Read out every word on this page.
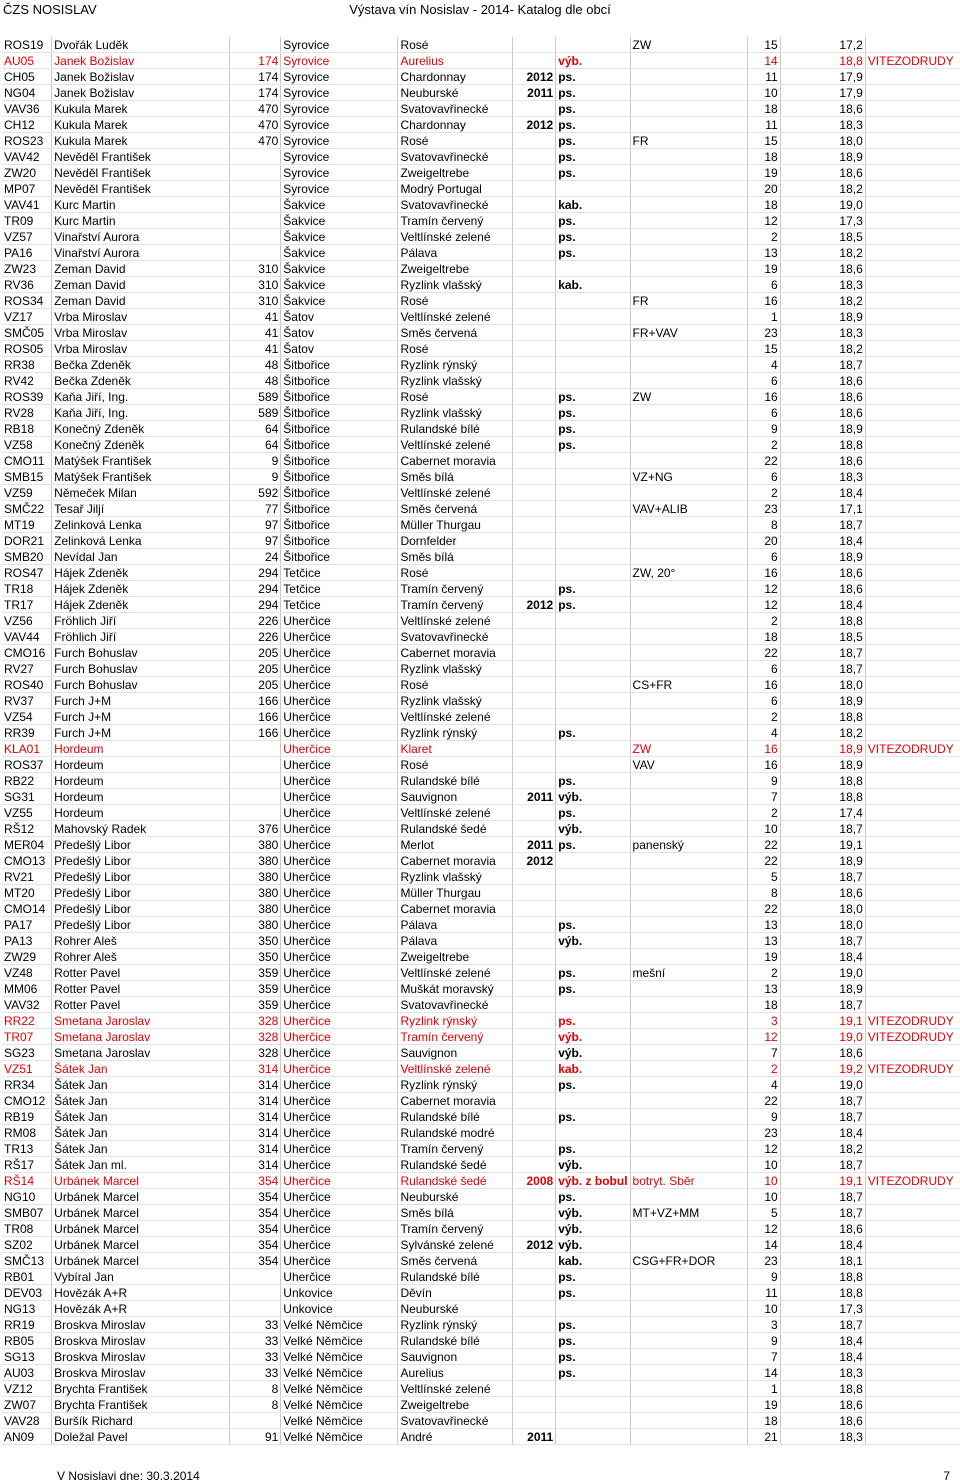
ČZS NOSISLAV	Výstava vín Nosislav - 2014- Katalog dle obcí
ROS19	Dvořák Luděk		Syrovice	Rosé			ZW	15	17,2	
AU05	Janek Božislav	174	Syrovice	Aurelius		výb.		14	18,8	VITEZODRUDY
CH05	Janek Božislav	174	Syrovice	Chardonnay	2012	ps.		11	17,9	
NG04	Janek Božislav	174	Syrovice	Neuburské	2011	ps.		10	17,9	
VAV36	Kukula Marek	470	Syrovice	Svatovavřinecké		ps.		18	18,6	
CH12	Kukula Marek	470	Syrovice	Chardonnay	2012	ps.		11	18,3	
ROS23	Kukula Marek	470	Syrovice	Rosé		ps.	FR	15	18,0	
VAV42	Nevěděl František		Syrovice	Svatovavřinecké		ps.		18	18,9	
ZW20	Nevěděl František		Syrovice	Zweigeltrebe		ps.		19	18,6	
MP07	Nevěděl František		Syrovice	Modrý Portugal				20	18,2	
VAV41	Kurc Martin		Šakvice	Svatovavřinecké		kab.		18	19,0	
TR09	Kurc Martin		Šakvice	Tramín červený		ps.		12	17,3	
VZ57	Vinařství Aurora		Šakvice	Veltlínské zelené		ps.		2	18,5	
PA16	Vinařství Aurora		Šakvice	Pálava		ps.		13	18,2	
ZW23	Zeman David	310	Šakvice	Zweigeltrebe				19	18,6	
RV36	Zeman David	310	Šakvice	Ryzlink vlašský		kab.		6	18,3	
ROS34	Zeman David	310	Šakvice	Rosé			FR	16	18,2	
VZ17	Vrba Miroslav	41	Šatov	Veltlínské zelené				1	18,9	
SMČ05	Vrba Miroslav	41	Šatov	Směs červená			FR+VAV	23	18,3	
ROS05	Vrba Miroslav	41	Šatov	Rosé				15	18,2	
RR38	Bečka Zdeněk	48	Šitbořice	Ryzlink rýnský				4	18,7	
RV42	Bečka Zdeněk	48	Šitbořice	Ryzlink vlašský				6	18,6	
ROS39	Kaňa Jiří, Ing.	589	Šitbořice	Rosé		ps.	ZW	16	18,6	
RV28	Kaňa Jiří, Ing.	589	Šitbořice	Ryzlink vlašský		ps.		6	18,6	
RB18	Konečný Zdeněk	64	Šitbořice	Rulandské bílé		ps.		9	18,9	
VZ58	Konečný Zdeněk	64	Šitbořice	Veltlínské zelené		ps.		2	18,8	
CMO11	Matýšek František	9	Šitbořice	Cabernet moravia				22	18,6	
SMB15	Matýšek František	9	Šitbořice	Směs bílá			VZ+NG	6	18,3	
VZ59	Němeček Milan	592	Šitbořice	Veltlínské zelené				2	18,4	
SMČ22	Tesař Jiljí	77	Šitbořice	Směs červená			VAV+ALIB	23	17,1	
MT19	Zelinková Lenka	97	Šitbořice	Müller Thurgau				8	18,7	
DOR21	Zelinková Lenka	97	Šitbořice	Dornfelder				20	18,4	
SMB20	Nevídal Jan	24	Šitbořice	Směs bílá				6	18,9	
ROS47	Hájek Zdeněk	294	Tetčice	Rosé			ZW, 20°	16	18,6	
TR18	Hájek Zdeněk	294	Tetčice	Tramín červený		ps.		12	18,6	
TR17	Hájek Zdeněk	294	Tetčice	Tramín červený	2012	ps.		12	18,4	
VZ56	Fröhlich Jiří	226	Uherčice	Veltlínské zelené				2	18,8	
VAV44	Fröhlich Jiří	226	Uherčice	Svatovavřinecké				18	18,5	
CMO16	Furch Bohuslav	205	Uherčice	Cabernet moravia				22	18,7	
RV27	Furch Bohuslav	205	Uherčice	Ryzlink vlašský				6	18,7	
ROS40	Furch Bohuslav	205	Uherčice	Rosé			CS+FR	16	18,0	
RV37	Furch J+M	166	Uherčice	Ryzlink vlašský				6	18,9	
VZ54	Furch J+M	166	Uherčice	Veltlínské zelené				2	18,8	
RR39	Furch J+M	166	Uherčice	Ryzlink rýnský		ps.		4	18,2	
KLA01	Hordeum		Uherčice	Klaret			ZW	16	18,9	VITEZODRUDY
ROS37	Hordeum		Uherčice	Rosé			VAV	16	18,9	
RB22	Hordeum		Uherčice	Rulandské bílé		ps.		9	18,8	
SG31	Hordeum		Uherčice	Sauvignon	2011	výb.		7	18,8	
VZ55	Hordeum		Uherčice	Veltlínské zelené		ps.		2	17,4	
RŠ12	Mahovský Radek	376	Uherčice	Rulandské šedé		výb.		10	18,7	
MER04	Předešlý Libor	380	Uherčice	Merlot	2011	ps.	panenský	22	19,1	
CMO13	Předešlý Libor	380	Uherčice	Cabernet moravia	2012			22	18,9	
RV21	Předešlý Libor	380	Uherčice	Ryzlink vlašský				5	18,7	
MT20	Předešlý Libor	380	Uherčice	Müller Thurgau				8	18,6	
CMO14	Předešlý Libor	380	Uherčice	Cabernet moravia				22	18,0	
PA17	Předešlý Libor	380	Uherčice	Pálava		ps.		13	18,0	
PA13	Rohrer Aleš	350	Uherčice	Pálava		výb.		13	18,7	
ZW29	Rohrer Aleš	350	Uherčice	Zweigeltrebe				19	18,4	
VZ48	Rotter Pavel	359	Uherčice	Veltlínské zelené		ps.	mešní	2	19,0	
MM06	Rotter Pavel	359	Uherčice	Muškát moravský		ps.		13	18,9	
VAV32	Rotter Pavel	359	Uherčice	Svatovavřinecké				18	18,7	
RR22	Smetana Jaroslav	328	Uherčice	Ryzlink rýnský		ps.		3	19,1	VITEZODRUDY
TR07	Smetana Jaroslav	328	Uherčice	Tramín červený		výb.		12	19,0	VITEZODRUDY
SG23	Smetana Jaroslav	328	Uherčice	Sauvignon		výb.		7	18,6	
VZ51	Šátek Jan	314	Uherčice	Veltlínské zelené		kab.		2	19,2	VITEZODRUDY
RR34	Šátek Jan	314	Uherčice	Ryzlink rýnský		ps.		4	19,0	
CMO12	Šátek Jan	314	Uherčice	Cabernet moravia				22	18,7	
RB19	Šátek Jan	314	Uherčice	Rulandské bílé		ps.		9	18,7	
RM08	Šátek Jan	314	Uherčice	Rulandské modré				23	18,4	
TR13	Šátek Jan	314	Uherčice	Tramín červený		ps.		12	18,2	
RŠ17	Šátek Jan ml.	314	Uherčice	Rulandské šedé		výb.		10	18,7	
RŠ14	Urbánek Marcel	354	Uherčice	Rulandské šedé	2008	výb. z bobul	botryt. Sběr	10	19,1	VITEZODRUDY
NG10	Urbánek Marcel	354	Uherčice	Neuburské		ps.		10	18,7	
SMB07	Urbánek Marcel	354	Uherčice	Směs bílá		výb.	MT+VZ+MM	5	18,7	
TR08	Urbánek Marcel	354	Uherčice	Tramín červený		výb.		12	18,6	
SZ02	Urbánek Marcel	354	Uherčice	Sylvánské zelené	2012	výb.		14	18,4	
SMČ13	Urbánek Marcel	354	Uherčice	Směs červená		kab.	CSG+FR+DOR	23	18,1	
RB01	Vybíral Jan		Uherčice	Rulandské bílé		ps.		9	18,8	
DEV03	Hovězák A+R		Unkovice	Děvín		ps.		11	18,8	
NG13	Hovězák A+R		Unkovice	Neuburské				10	17,3	
RR19	Broskva Miroslav	33	Velké Němčice	Ryzlink rýnský		ps.		3	18,7	
RB05	Broskva Miroslav	33	Velké Němčice	Rulandské bílé		ps.		9	18,4	
SG13	Broskva Miroslav	33	Velké Němčice	Sauvignon		ps.		7	18,4	
AU03	Broskva Miroslav	33	Velké Němčice	Aurelius		ps.		14	18,3	
VZ12	Brychta František	8	Velké Němčice	Veltlínské zelené				1	18,8	
ZW07	Brychta František	8	Velké Němčice	Zweigeltrebe				19	18,6	
VAV28	Buršík Richard		Velké Němčice	Svatovavřinecké				18	18,6	
AN09	Doležal Pavel	91	Velké Němčice	André	2011			21	18,3	
V Nosislavi dne: 30.3.2014	7
